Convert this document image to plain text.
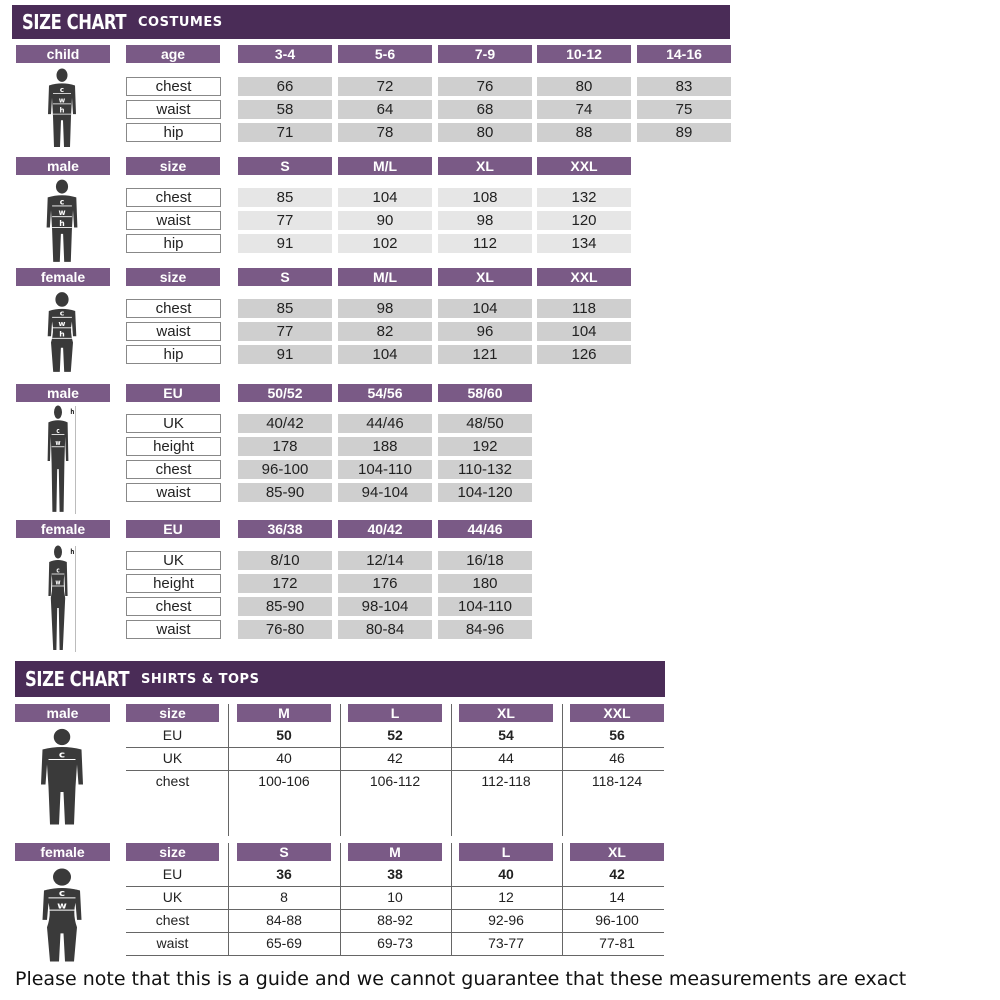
SIZE CHART COSTUMES
SIZE CHART SHIRTS & TOPS
child	age	3-4	5-6	7-9	10-12	14-16
chest	66	72	76	80	83
waist	58	64	68	74	75
hip	71	78	80	88	89
c
w
h
male	size	S	M/L	XL	XXL
chest	85	104	108	132
waist	77	90	98	120
hip	91	102	112	134
c
w
h
female	size	S	M/L	XL	XXL
chest	85	98	104	118
waist	77	82	96	104
hip	91	104	121	126
c
w
h
male	EU	50/52	54/56	58/60
UK	40/42	44/46	48/50
height	178	188	192
chest	96-100	104-110	110-132
waist	85-90	94-104	104-120
c
w
h
female	EU	36/38	40/42	44/46
UK	8/10	12/14	16/18
height	172	176	180
chest	85-90	98-104	104-110
waist	76-80	80-84	84-96
c
w
h
male	size	M	L	XL	XXL
EU	50	52	54	56
UK	40	42	44	46
chest	100-106	106-112	112-118	118-124
c
female	size	S	M	L	XL
EU	36	38	40	42
UK	8	10	12	14
chest	84-88	88-92	92-96	96-100
waist	65-69	69-73	73-77	77-81
c
w
Please note that this is a guide and we cannot guarantee that these measurements are exact
